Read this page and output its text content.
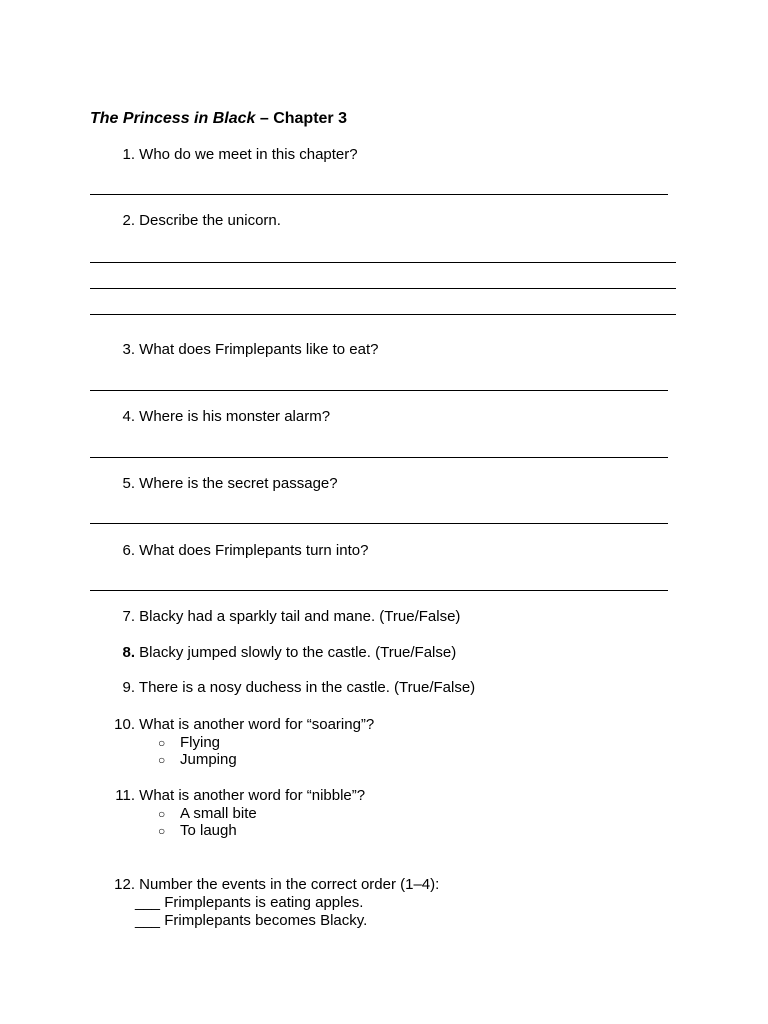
The Princess in Black – Chapter 3
1. Who do we meet in this chapter?
2. Describe the unicorn.
3. What does Frimplepants like to eat?
4. Where is his monster alarm?
5. Where is the secret passage?
6. What does Frimplepants turn into?
7. Blacky had a sparkly tail and mane. (True/False)
8. Blacky jumped slowly to the castle. (True/False)
9. There is a nosy duchess in the castle. (True/False)
10. What is another word for “soaring”?
○ Flying
○ Jumping
11. What is another word for “nibble”?
○ A small bite
○ To laugh
12. Number the events in the correct order (1–4):
___ Frimplepants is eating apples.
___ Frimplepants becomes Blacky.
